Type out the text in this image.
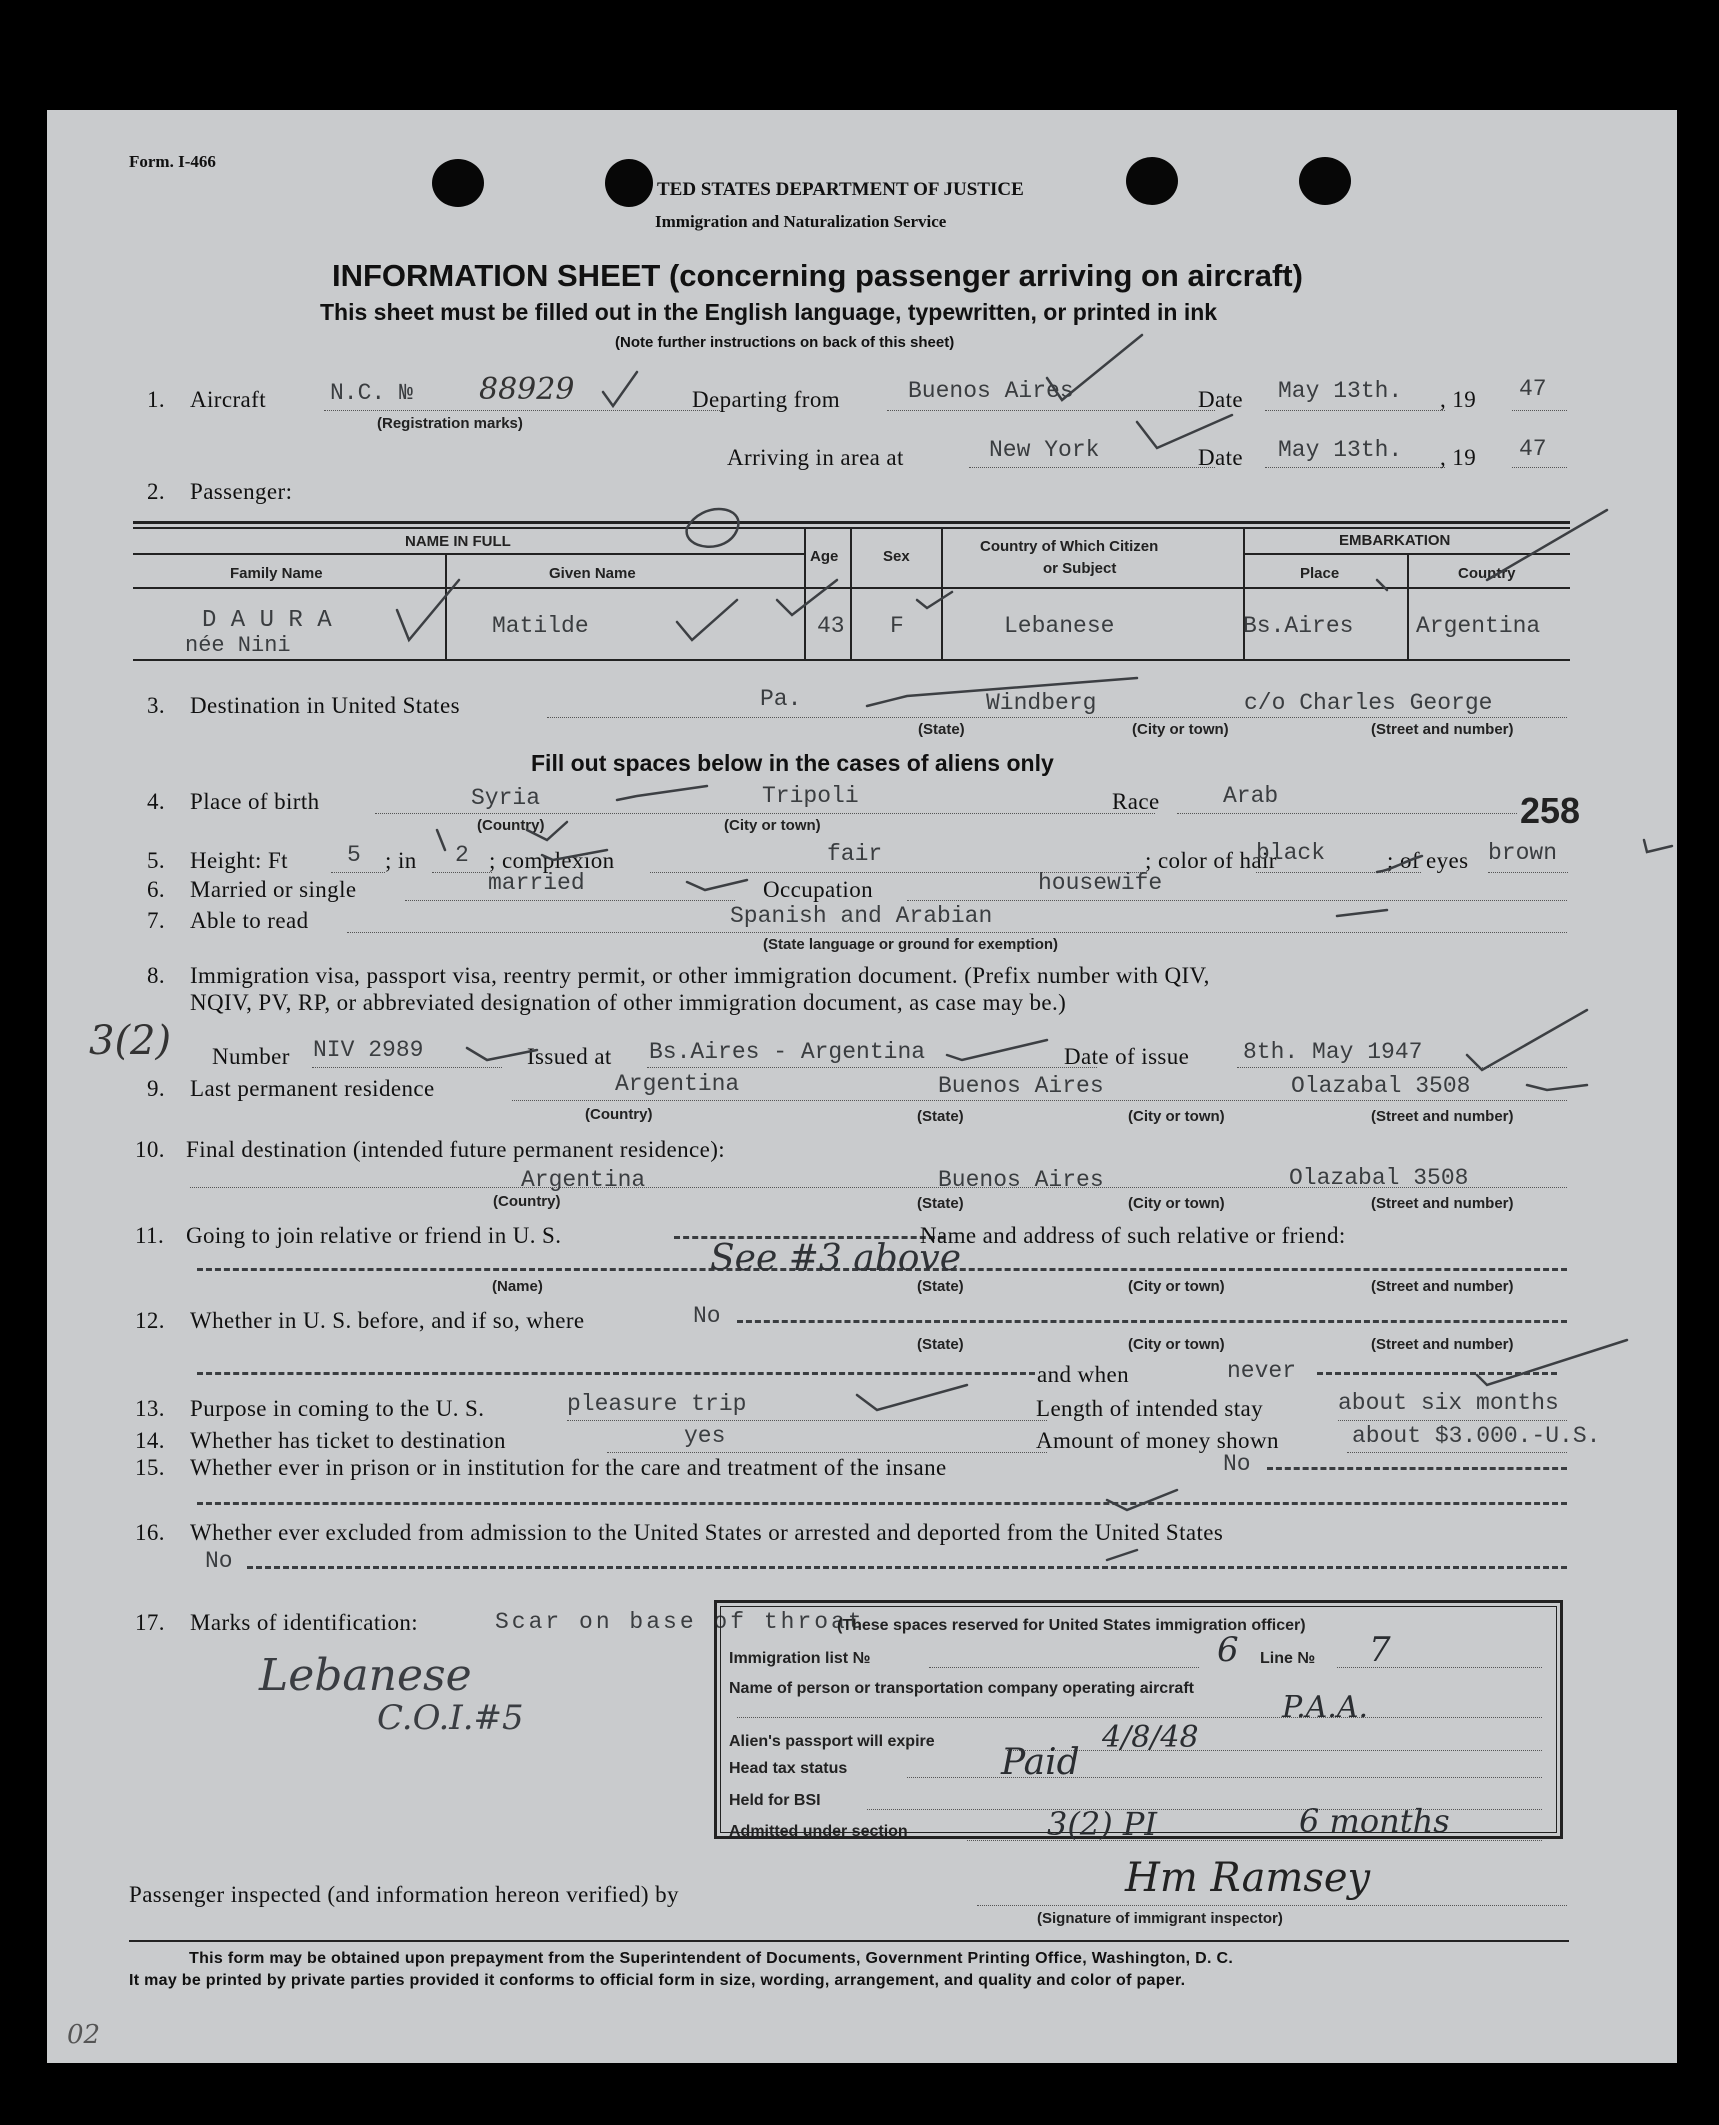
Form. I-466
TED STATES DEPARTMENT OF JUSTICE
Immigration and Naturalization Service
INFORMATION SHEET (concerning passenger arriving on aircraft)
This sheet must be filled out in the English language, typewritten, or printed in ink
(Note further instructions on back of this sheet)
1. Aircraft	N.C. № 88929
(Registration marks)
Departing from	Buenos Aires	Date May 13th. , 19 47
Arriving in area at	New York	Date May 13th. , 19 47
2. Passenger:
NAME IN FULL
Family Name	Given Name
Age	Sex
Country of Which Citizen
or Subject
EMBARKATION
Place	Country
D A U R A
née Nini
Matilde	43 F	Lebanese	Bs.Aires	Argentina
3. Destination in United States	Pa.	Windberg	c/o Charles George
(State)	(City or town)	(Street and number)
Fill out spaces below in the cases of aliens only
4. Place of birth	Syria	Tripoli
(Country)	(City or town)
Race	Arab	258
5. Height: Ft	5 ; in 2 ; complexion	fair	; color of hair
black	; of eyes brown
6. Married or single	married	Occupation	housewife
7. Able to read	Spanish and Arabian
(State language or ground for exemption)
8. Immigration visa, passport visa, reentry permit, or other immigration document. (Prefix number with QIV,
NQIV, PV, RP, or abbreviated designation of other immigration document, as case may be.)
3(2) Number NIV 2989	Issued at Bs.Aires - Argentina	Date of issue 8th. May 1947
9. Last permanent residence	Argentina	Buenos Aires	Olazabal 3508
(Country)	(State)	(City or town)	(Street and number)
10. Final destination (intended future permanent residence):
Argentina	Buenos Aires	Olazabal 3508
(Country)	(State)	(City or town)	(Street and number)
11. Going to join relative or friend in U. S.	Name and address of such relative or friend:
See #3 above
(Name)	(State)	(City or town)	(Street and number)
12. Whether in U. S. before, and if so, where	No
(State)	(City or town)	(Street and number)
and when	never
13. Purpose in coming to the U. S.	pleasure trip	Length of intended stay	about six months
14. Whether has ticket to destination	yes	Amount of money shown	about $3.000.-U.S.
15. Whether ever in prison or in institution for the care and treatment of the insane	No
16. Whether ever excluded from admission to the United States or arrested and deported from the United States
No
17. Marks of identification:	Scar on base of throat
Lebanese
C.O.I.#5
(These spaces reserved for United States immigration officer)
Immigration list №	6 Line № 7
Name of person or transportation company operating aircraft
P.A.A.
Alien's passport will expire	4/8/48
Head tax status	Paid
Held for BSI
Admitted under section	3(2) PI	6 months
Passenger inspected (and information hereon verified) by	Hm Ramsey
(Signature of immigrant inspector)
This form may be obtained upon prepayment from the Superintendent of Documents, Government Printing Office, Washington, D. C.
It may be printed by private parties provided it conforms to official form in size, wording, arrangement, and quality and color of paper.
02
